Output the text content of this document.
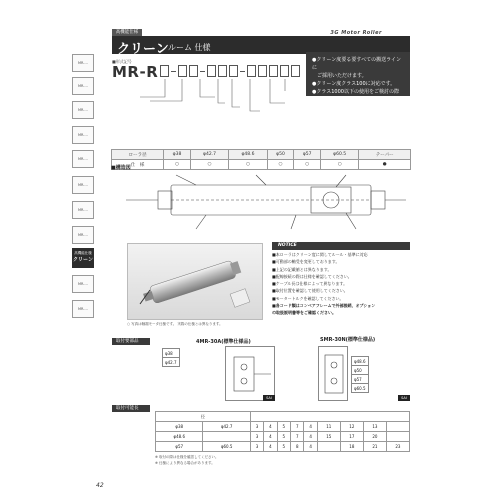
高機能仕様	3G Motor Roller
クリーン ルーム 仕様
■形式記号
MR-R
●クリーン度要る要すべての搬送ラインに
　ご採用いただけます。
●クリーン度クラス100に対応です。
●クラス1000以下の使用をご検討の際は、
　弊社までご相談ください。
MR-…
MR-…
MR-…
MR-…
MR-…
MR-…
MR-…
MR-…
高機能仕様
クリーン
MR-…
MR-…
ローラ径	φ38	φ42.7	φ48.6	φ50	φ57	φ60.5	テーパー
仕　様	○	○	○	○	○	○	●
■構造図
○ 写真は軸端モータ仕様です。 実際の仕様とは異なります。
NOTICE
■本ローラはクリーン度に関してルール・基準に対応
■可動部の軸受を変更しております。
■上記の記載値とは異なります。
■配線接続の際は仕様を確認してください。
■ケーブル長は仕様によって異なります。
■取付位置を確認して使用してください。
■モータートルクを確認してください。
■各コード類はコンベアフレームで外部接続、オプション
の取扱説明書等をご確認ください。
取付要部品	4MR-30A(標準仕様品)	SMR-30N(標準仕様品)
φ38
φ42.7
SAI
φ48.6
φ50
φ57
φ60.5
SAI
取付可能長
径										
φ38	φ42.7	3	4	5	7	4	11	12	13	
φ48.6		3	4	5	7	4	15	17	20	
φ57	φ60.5	3	4	5	8	4		18	21	23
※ 取付の際は仕様を確認してください。
※ 仕様により異なる場合があります。
42
